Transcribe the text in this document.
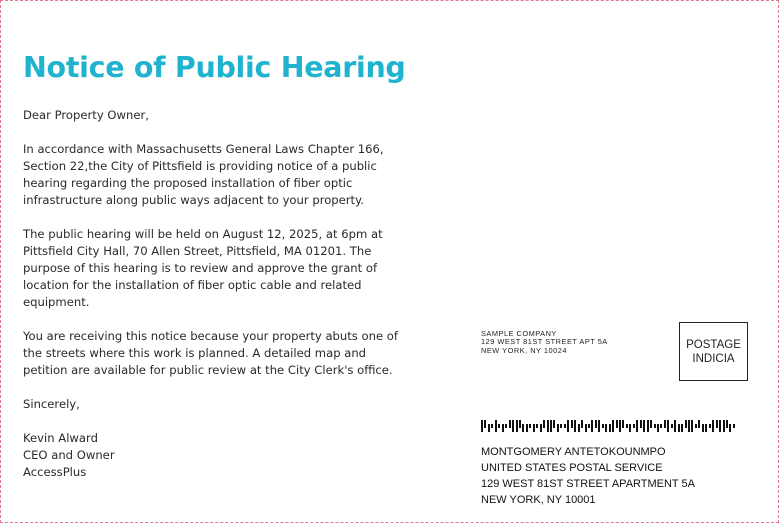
Notice of Public Hearing

Dear Property Owner,

In accordance with Massachusetts General Laws Chapter 166, Section 22,the City of Pittsfield is providing notice of a public hearing regarding the proposed installation of fiber optic infrastructure along public ways adjacent to your property.

The public hearing will be held on August 12, 2025, at 6pm at Pittsfield City Hall, 70 Allen Street, Pittsfield, MA 01201. The purpose of this hearing is to review and approve the grant of location for the installation of fiber optic cable and related equipment.

You are receiving this notice because your property abuts one of the streets where this work is planned. A detailed map and petition are available for public review at the City Clerk's office.

Sincerely,

Kevin Alward
CEO and Owner
AccessPlus
SAMPLE COMPANY
129 WEST 81ST STREET APT 5A
NEW YORK, NY 10024	POSTAGE
INDICIA
MONTGOMERY ANTETOKOUNMPO
UNITED STATES POSTAL SERVICE
129 WEST 81ST STREET APARTMENT 5A
NEW YORK, NY 10001
